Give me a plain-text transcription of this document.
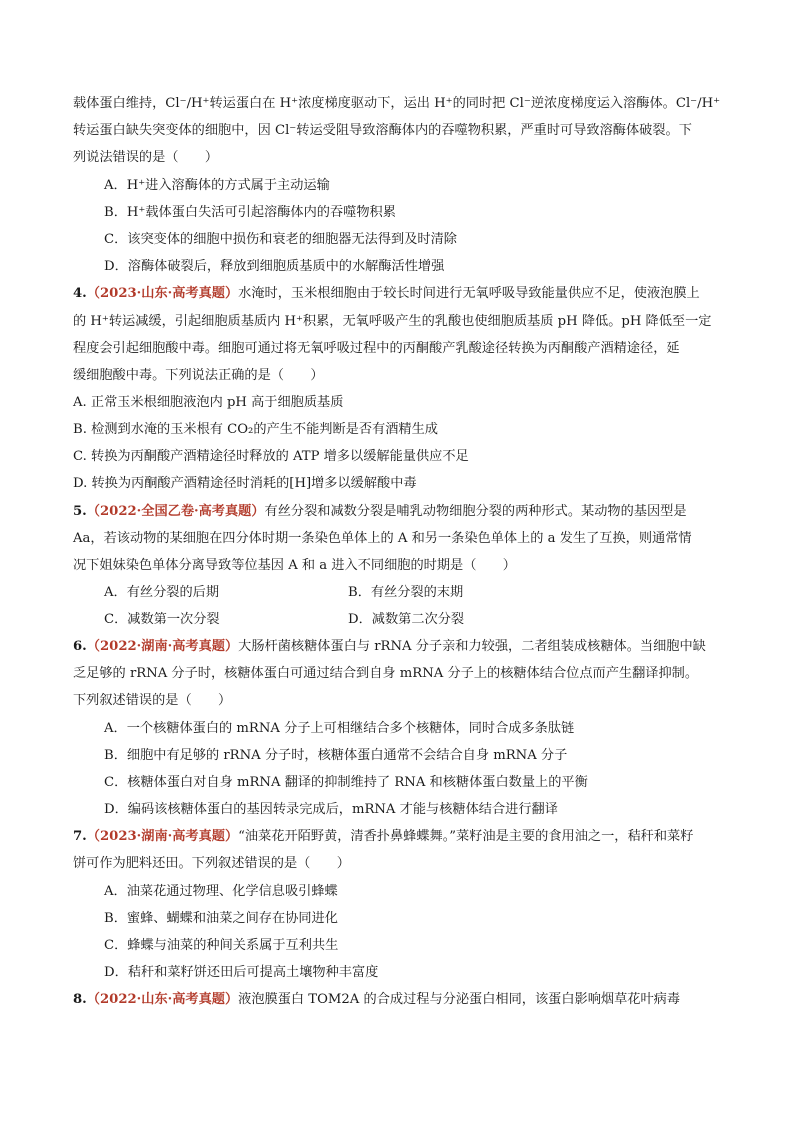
载体蛋白维持，Cl⁻/H⁺转运蛋白在 H⁺浓度梯度驱动下，运出 H⁺的同时把 Cl⁻逆浓度梯度运入溶酶体。Cl⁻/H⁺
转运蛋白缺失突变体的细胞中，因 Cl⁻转运受阻导致溶酶体内的吞噬物积累，严重时可导致溶酶体破裂。下
列说法错误的是（　　）
A．H⁺进入溶酶体的方式属于主动运输
B．H⁺载体蛋白失活可引起溶酶体内的吞噬物积累
C．该突变体的细胞中损伤和衰老的细胞器无法得到及时清除
D．溶酶体破裂后，释放到细胞质基质中的水解酶活性增强
4.（2023·山东·高考真题）水淹时，玉米根细胞由于较长时间进行无氧呼吸导致能量供应不足，使液泡膜上
的 H⁺转运减缓，引起细胞质基质内 H⁺积累，无氧呼吸产生的乳酸也使细胞质基质 pH 降低。pH 降低至一定
程度会引起细胞酸中毒。细胞可通过将无氧呼吸过程中的丙酮酸产乳酸途径转换为丙酮酸产酒精途径，延
缓细胞酸中毒。下列说法正确的是（　　）
A. 正常玉米根细胞液泡内 pH 高于细胞质基质
B. 检测到水淹的玉米根有 CO₂的产生不能判断是否有酒精生成
C. 转换为丙酮酸产酒精途径时释放的 ATP 增多以缓解能量供应不足
D. 转换为丙酮酸产酒精途径时消耗的[H]增多以缓解酸中毒
5.（2022·全国乙卷·高考真题）有丝分裂和减数分裂是哺乳动物细胞分裂的两种形式。某动物的基因型是
Aa，若该动物的某细胞在四分体时期一条染色单体上的 A 和另一条染色单体上的 a 发生了互换，则通常情
况下姐妹染色单体分离导致等位基因 A 和 a 进入不同细胞的时期是（　　）
A．有丝分裂的后期	B．有丝分裂的末期
C．减数第一次分裂	D．减数第二次分裂
6.（2022·湖南·高考真题）大肠杆菌核糖体蛋白与 rRNA 分子亲和力较强，二者组装成核糖体。当细胞中缺
乏足够的 rRNA 分子时，核糖体蛋白可通过结合到自身 mRNA 分子上的核糖体结合位点而产生翻译抑制。
下列叙述错误的是（　　）
A．一个核糖体蛋白的 mRNA 分子上可相继结合多个核糖体，同时合成多条肽链
B．细胞中有足够的 rRNA 分子时，核糖体蛋白通常不会结合自身 mRNA 分子
C．核糖体蛋白对自身 mRNA 翻译的抑制维持了 RNA 和核糖体蛋白数量上的平衡
D．编码该核糖体蛋白的基因转录完成后，mRNA 才能与核糖体结合进行翻译
7.（2023·湖南·高考真题）“油菜花开陌野黄，清香扑鼻蜂蝶舞。”菜籽油是主要的食用油之一，秸秆和菜籽
饼可作为肥料还田。下列叙述错误的是（　　）
A．油菜花通过物理、化学信息吸引蜂蝶
B．蜜蜂、蝴蝶和油菜之间存在协同进化
C．蜂蝶与油菜的种间关系属于互利共生
D．秸秆和菜籽饼还田后可提高土壤物种丰富度
8.（2022·山东·高考真题）液泡膜蛋白 TOM2A 的合成过程与分泌蛋白相同，该蛋白影响烟草花叶病毒
